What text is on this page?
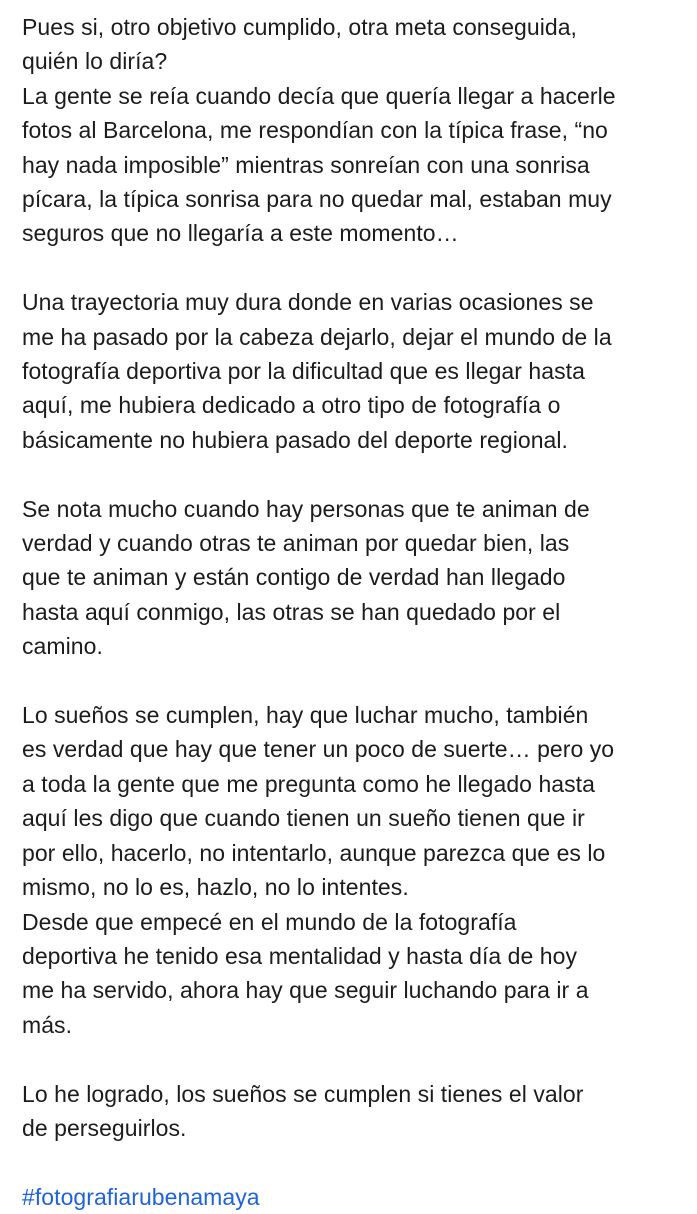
Pues si, otro objetivo cumplido, otra meta conseguida,

quién lo diría?

La gente se reía cuando decía que quería llegar a hacerle

fotos al Barcelona, me respondían con la típica frase, “no

hay nada imposible” mientras sonreían con una sonrisa

pícara, la típica sonrisa para no quedar mal, estaban muy

seguros que no llegaría a este momento…

Una trayectoria muy dura donde en varias ocasiones se

me ha pasado por la cabeza dejarlo, dejar el mundo de la

fotografía deportiva por la dificultad que es llegar hasta

aquí, me hubiera dedicado a otro tipo de fotografía o

básicamente no hubiera pasado del deporte regional.

Se nota mucho cuando hay personas que te animan de

verdad y cuando otras te animan por quedar bien, las

que te animan y están contigo de verdad han llegado

hasta aquí conmigo, las otras se han quedado por el

camino.

Lo sueños se cumplen, hay que luchar mucho, también

es verdad que hay que tener un poco de suerte… pero yo

a toda la gente que me pregunta como he llegado hasta

aquí les digo que cuando tienen un sueño tienen que ir

por ello, hacerlo, no intentarlo, aunque parezca que es lo

mismo, no lo es, hazlo, no lo intentes.

Desde que empecé en el mundo de la fotografía

deportiva he tenido esa mentalidad y hasta día de hoy

me ha servido, ahora hay que seguir luchando para ir a

más.

Lo he logrado, los sueños se cumplen si tienes el valor

de perseguirlos.

#fotografiarubenamaya
